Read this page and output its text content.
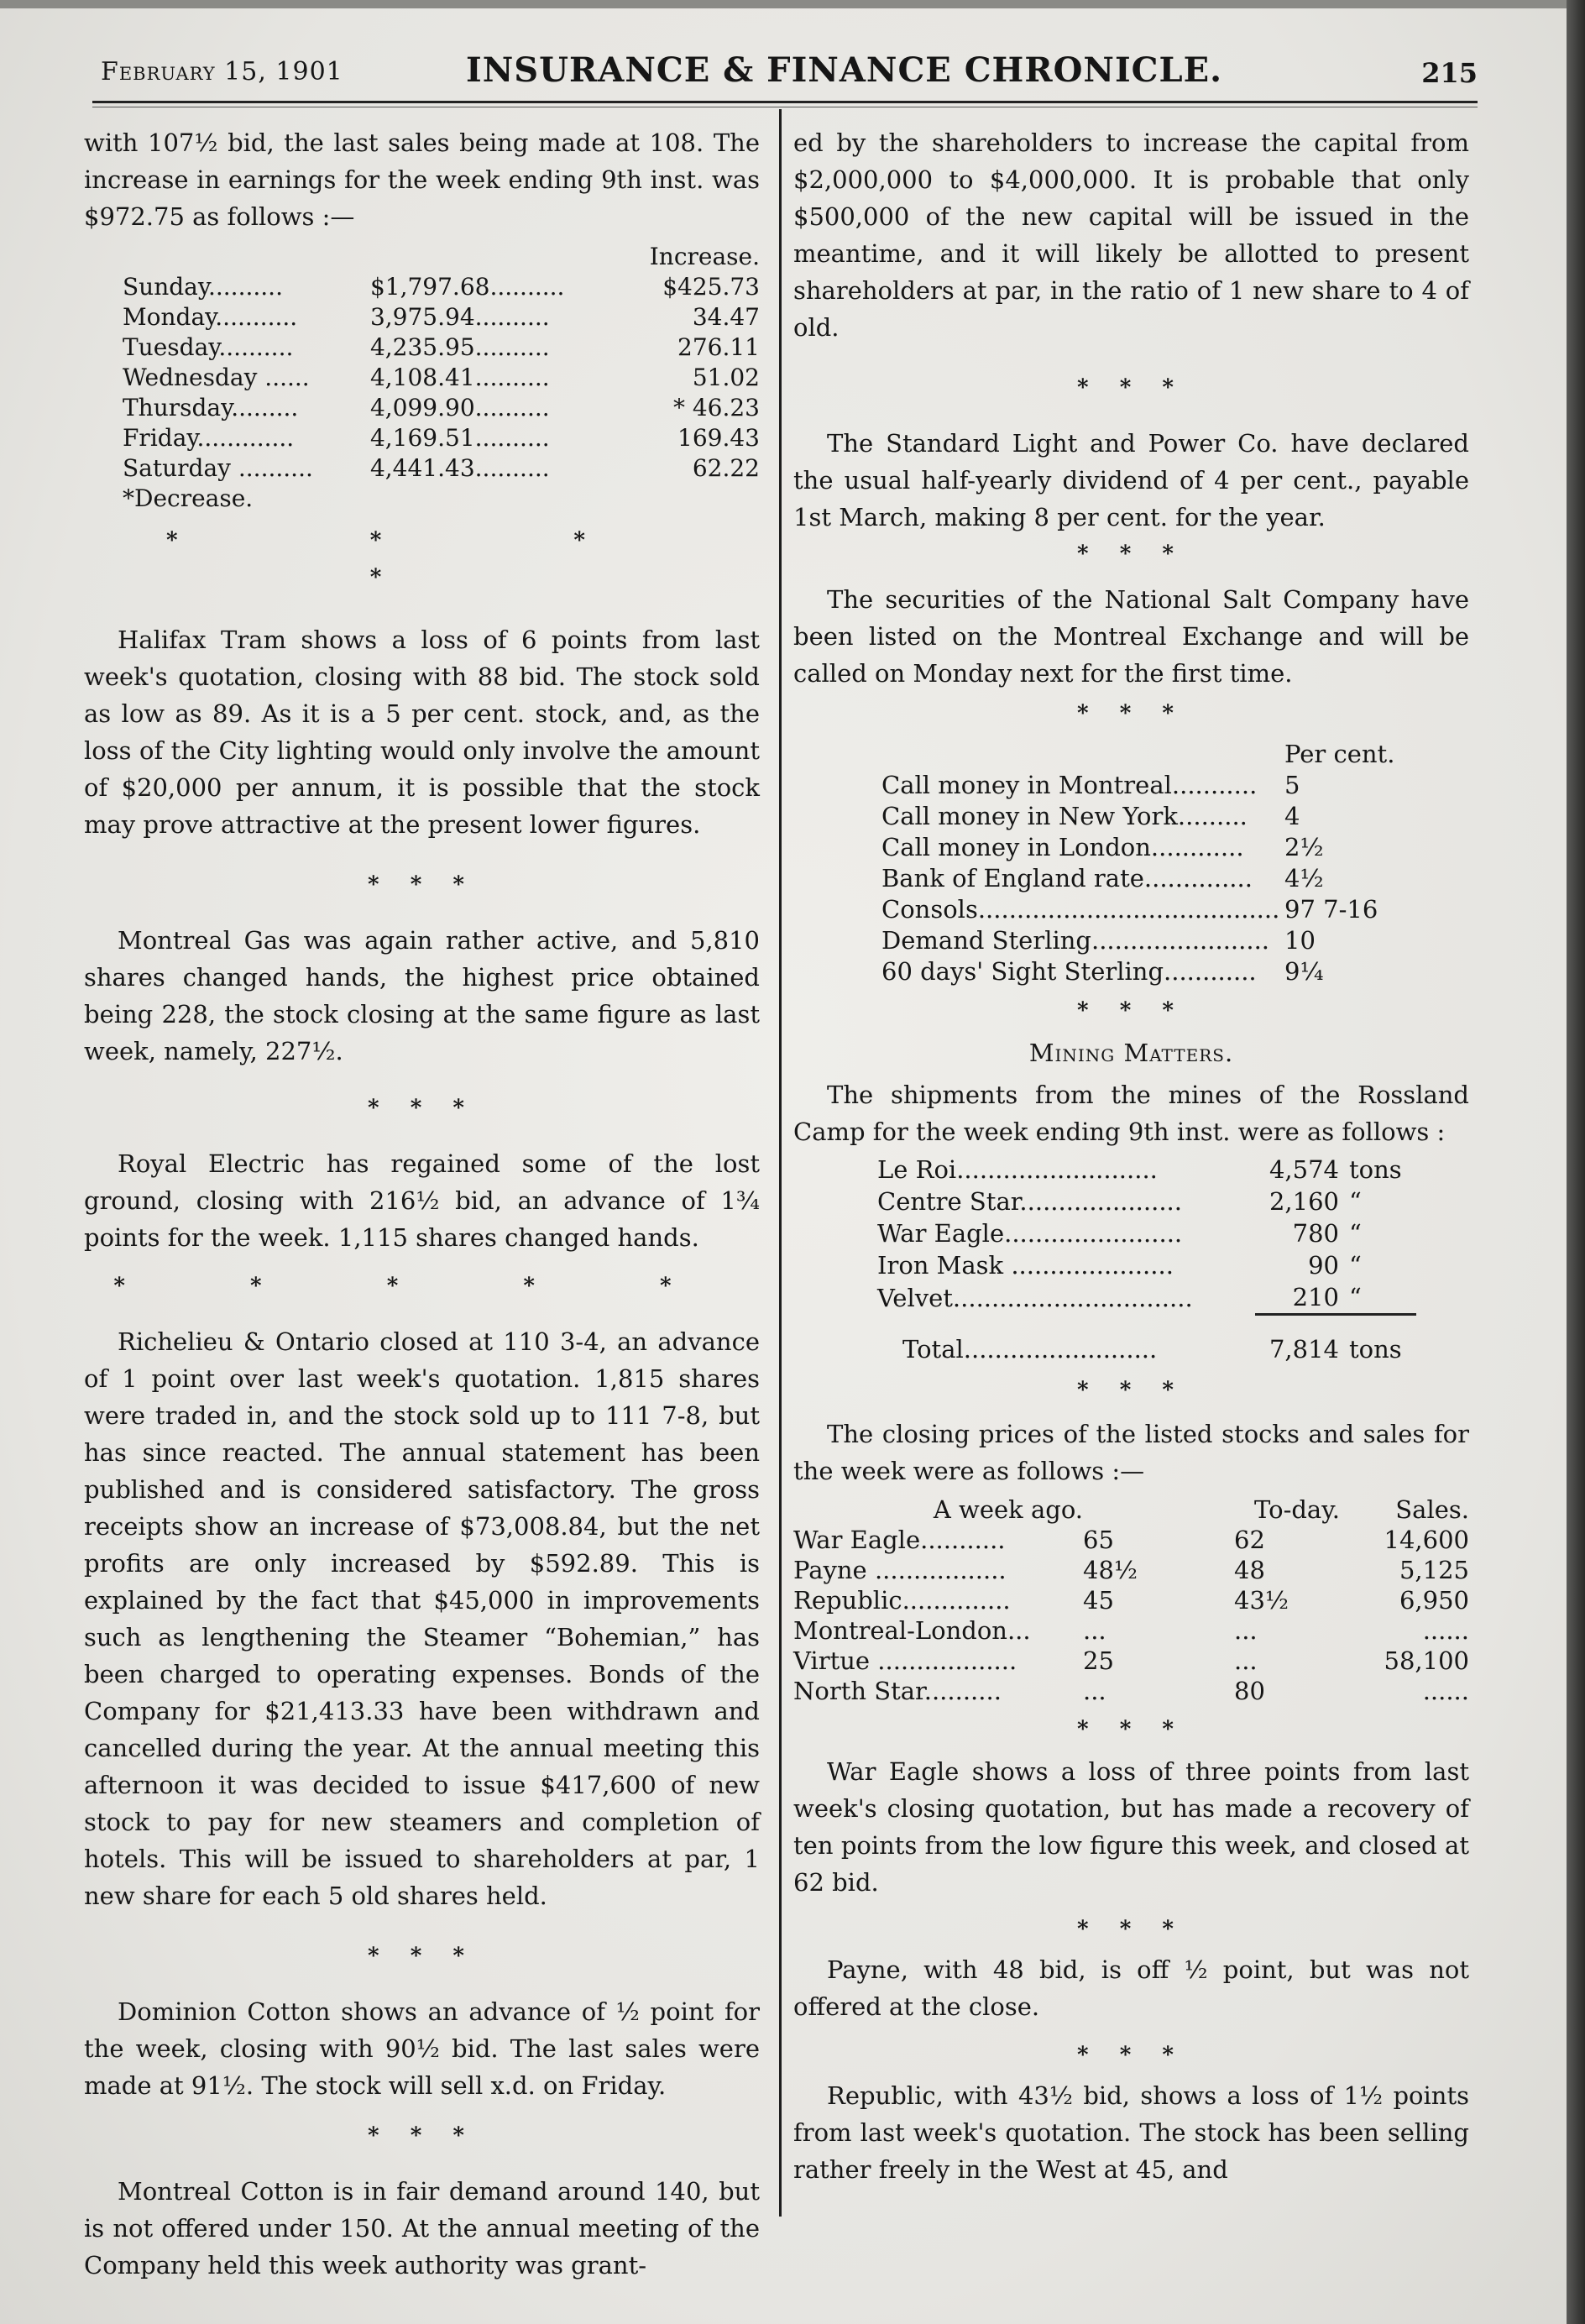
February 15, 1901	INSURANCE & FINANCE CHRONICLE.	215

with 107½ bid, the last sales being made at 108. The increase in earnings for the week ending 9th inst. was $972.75 as follows :—

		Increase.
Sunday..........	$1,797.68..........	$425.73
Monday...........	3,975.94..........	34.47
Tuesday..........	4,235.95..........	276.11
Wednesday ......	4,108.41..........	51.02
Thursday.........	4,099.90..........	* 46.23
Friday.............	4,169.51..........	169.43
Saturday ..........	4,441.43..........	62.22
*Decrease.		
* * * *

Halifax Tram shows a loss of 6 points from last week's quotation, closing with 88 bid. The stock sold as low as 89. As it is a 5 per cent. stock, and, as the loss of the City lighting would only involve the amount of $20,000 per annum, it is possible that the stock may prove attractive at the present lower figures.

* * *

Montreal Gas was again rather active, and 5,810 shares changed hands, the highest price obtained being 228, the stock closing at the same figure as last week, namely, 227½.

* * *

Royal Electric has regained some of the lost ground, closing with 216½ bid, an advance of 1¾ points for the week. 1,115 shares changed hands.

* * * * *

Richelieu & Ontario closed at 110 3-4, an advance of 1 point over last week's quotation. 1,815 shares were traded in, and the stock sold up to 111 7-8, but has since reacted. The annual statement has been published and is considered satisfactory. The gross receipts show an increase of $73,008.84, but the net profits are only increased by $592.89. This is explained by the fact that $45,000 in improvements such as lengthening the Steamer “Bohemian,” has been charged to operating expenses. Bonds of the Company for $21,413.33 have been withdrawn and cancelled during the year. At the annual meeting this afternoon it was decided to issue $417,600 of new stock to pay for new steamers and completion of hotels. This will be issued to shareholders at par, 1 new share for each 5 old shares held.

* * *

Dominion Cotton shows an advance of ½ point for the week, closing with 90½ bid. The last sales were made at 91½. The stock will sell x.d. on Friday.

* * *

Montreal Cotton is in fair demand around 140, but is not offered under 150. At the annual meeting of the Company held this week authority was grant-

ed by the shareholders to increase the capital from $2,000,000 to $4,000,000. It is probable that only $500,000 of the new capital will be issued in the meantime, and it will likely be allotted to present shareholders at par, in the ratio of 1 new share to 4 of old.

* * *

The Standard Light and Power Co. have declared the usual half-yearly dividend of 4 per cent., payable 1st March, making 8 per cent. for the year.

* * *

The securities of the National Salt Company have been listed on the Montreal Exchange and will be called on Monday next for the first time.

* * *
	Per cent.
Call money in Montreal...........	5
Call money in New York.........	4
Call money in London............	2½
Bank of England rate..............	4½
Consols.......................................	97 7-16
Demand Sterling.......................	10
60 days' Sight Sterling............	9¼
* * *
Mining Matters.

The shipments from the mines of the Rossland Camp for the week ending 9th inst. were as follows :

Le Roi..........................	4,574	tons
Centre Star.....................	2,160	“
War Eagle.......................	780	“
Iron Mask .....................	90	“
Velvet...............................	210	“

Total.........................	7,814	tons
* * *

The closing prices of the listed stocks and sales for the week were as follows :—

A week ago.		To-day.	Sales.
War Eagle...........	65	62	14,600
Payne .................	48½	48	5,125
Republic..............	45	43½	6,950
Montreal-London...	...	...	......
Virtue ..................	25	...	58,100
North Star..........	...	80	......
* * *

War Eagle shows a loss of three points from last week's closing quotation, but has made a recovery of ten points from the low figure this week, and closed at 62 bid.

* * *

Payne, with 48 bid, is off ½ point, but was not offered at the close.

* * *

Republic, with 43½ bid, shows a loss of 1½ points from last week's quotation. The stock has been selling rather freely in the West at 45, and
